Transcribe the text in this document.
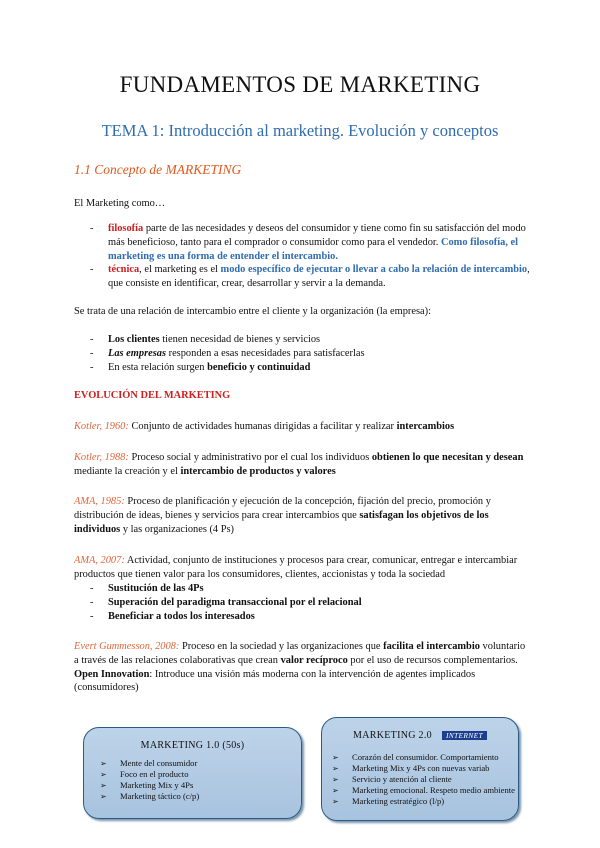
FUNDAMENTOS DE MARKETING
TEMA 1: Introducción al marketing. Evolución y conceptos
1.1 Concepto de MARKETING

El Marketing como…

- filosofía parte de las necesidades y deseos del consumidor y tiene como fin su satisfacción del modo más beneficioso, tanto para el comprador o consumidor como para el vendedor. Como filosofía, el marketing es una forma de entender el intercambio.
- técnica, el marketing es el modo específico de ejecutar o llevar a cabo la relación de intercambio, que consiste en identificar, crear, desarrollar y servir a la demanda.

Se trata de una relación de intercambio entre el cliente y la organización (la empresa):

- Los clientes tienen necesidad de bienes y servicios
- Las empresas responden a esas necesidades para satisfacerlas
- En esta relación surgen beneficio y continuidad
EVOLUCIÓN DEL MARKETING

Kotler, 1960: Conjunto de actividades humanas dirigidas a facilitar y realizar intercambios

Kotler, 1988: Proceso social y administrativo por el cual los individuos obtienen lo que necesitan y desean mediante la creación y el intercambio de productos y valores

AMA, 1985: Proceso de planificación y ejecución de la concepción, fijación del precio, promoción y distribución de ideas, bienes y servicios para crear intercambios que satisfagan los objetivos de los individuos y las organizaciones (4 Ps)

AMA, 2007: Actividad, conjunto de instituciones y procesos para crear, comunicar, entregar e intercambiar productos que tienen valor para los consumidores, clientes, accionistas y toda la sociedad

- Sustitución de las 4Ps
- Superación del paradigma transaccional por el relacional
- Beneficiar a todos los interesados

Evert Gummesson, 2008: Proceso en la sociedad y las organizaciones que facilita el intercambio voluntario a través de las relaciones colaborativas que crean valor recíproco por el uso de recursos complementarios. Open Innovation: Introduce una visión más moderna con la intervención de agentes implicados (consumidores)

MARKETING 1.0 (50s)
➢ Mente del consumidor
➢ Foco en el producto
➢ Marketing Mix y 4Ps
➢ Marketing táctico (c/p)
MARKETING 2.0 INTERNET
➢ Corazón del consumidor. Comportamiento
➢ Marketing Mix y 4Ps con nuevas variab
➢ Servicio y atención al cliente
➢ Marketing emocional. Respeto medio ambiente
➢ Marketing estratégico (l/p)
